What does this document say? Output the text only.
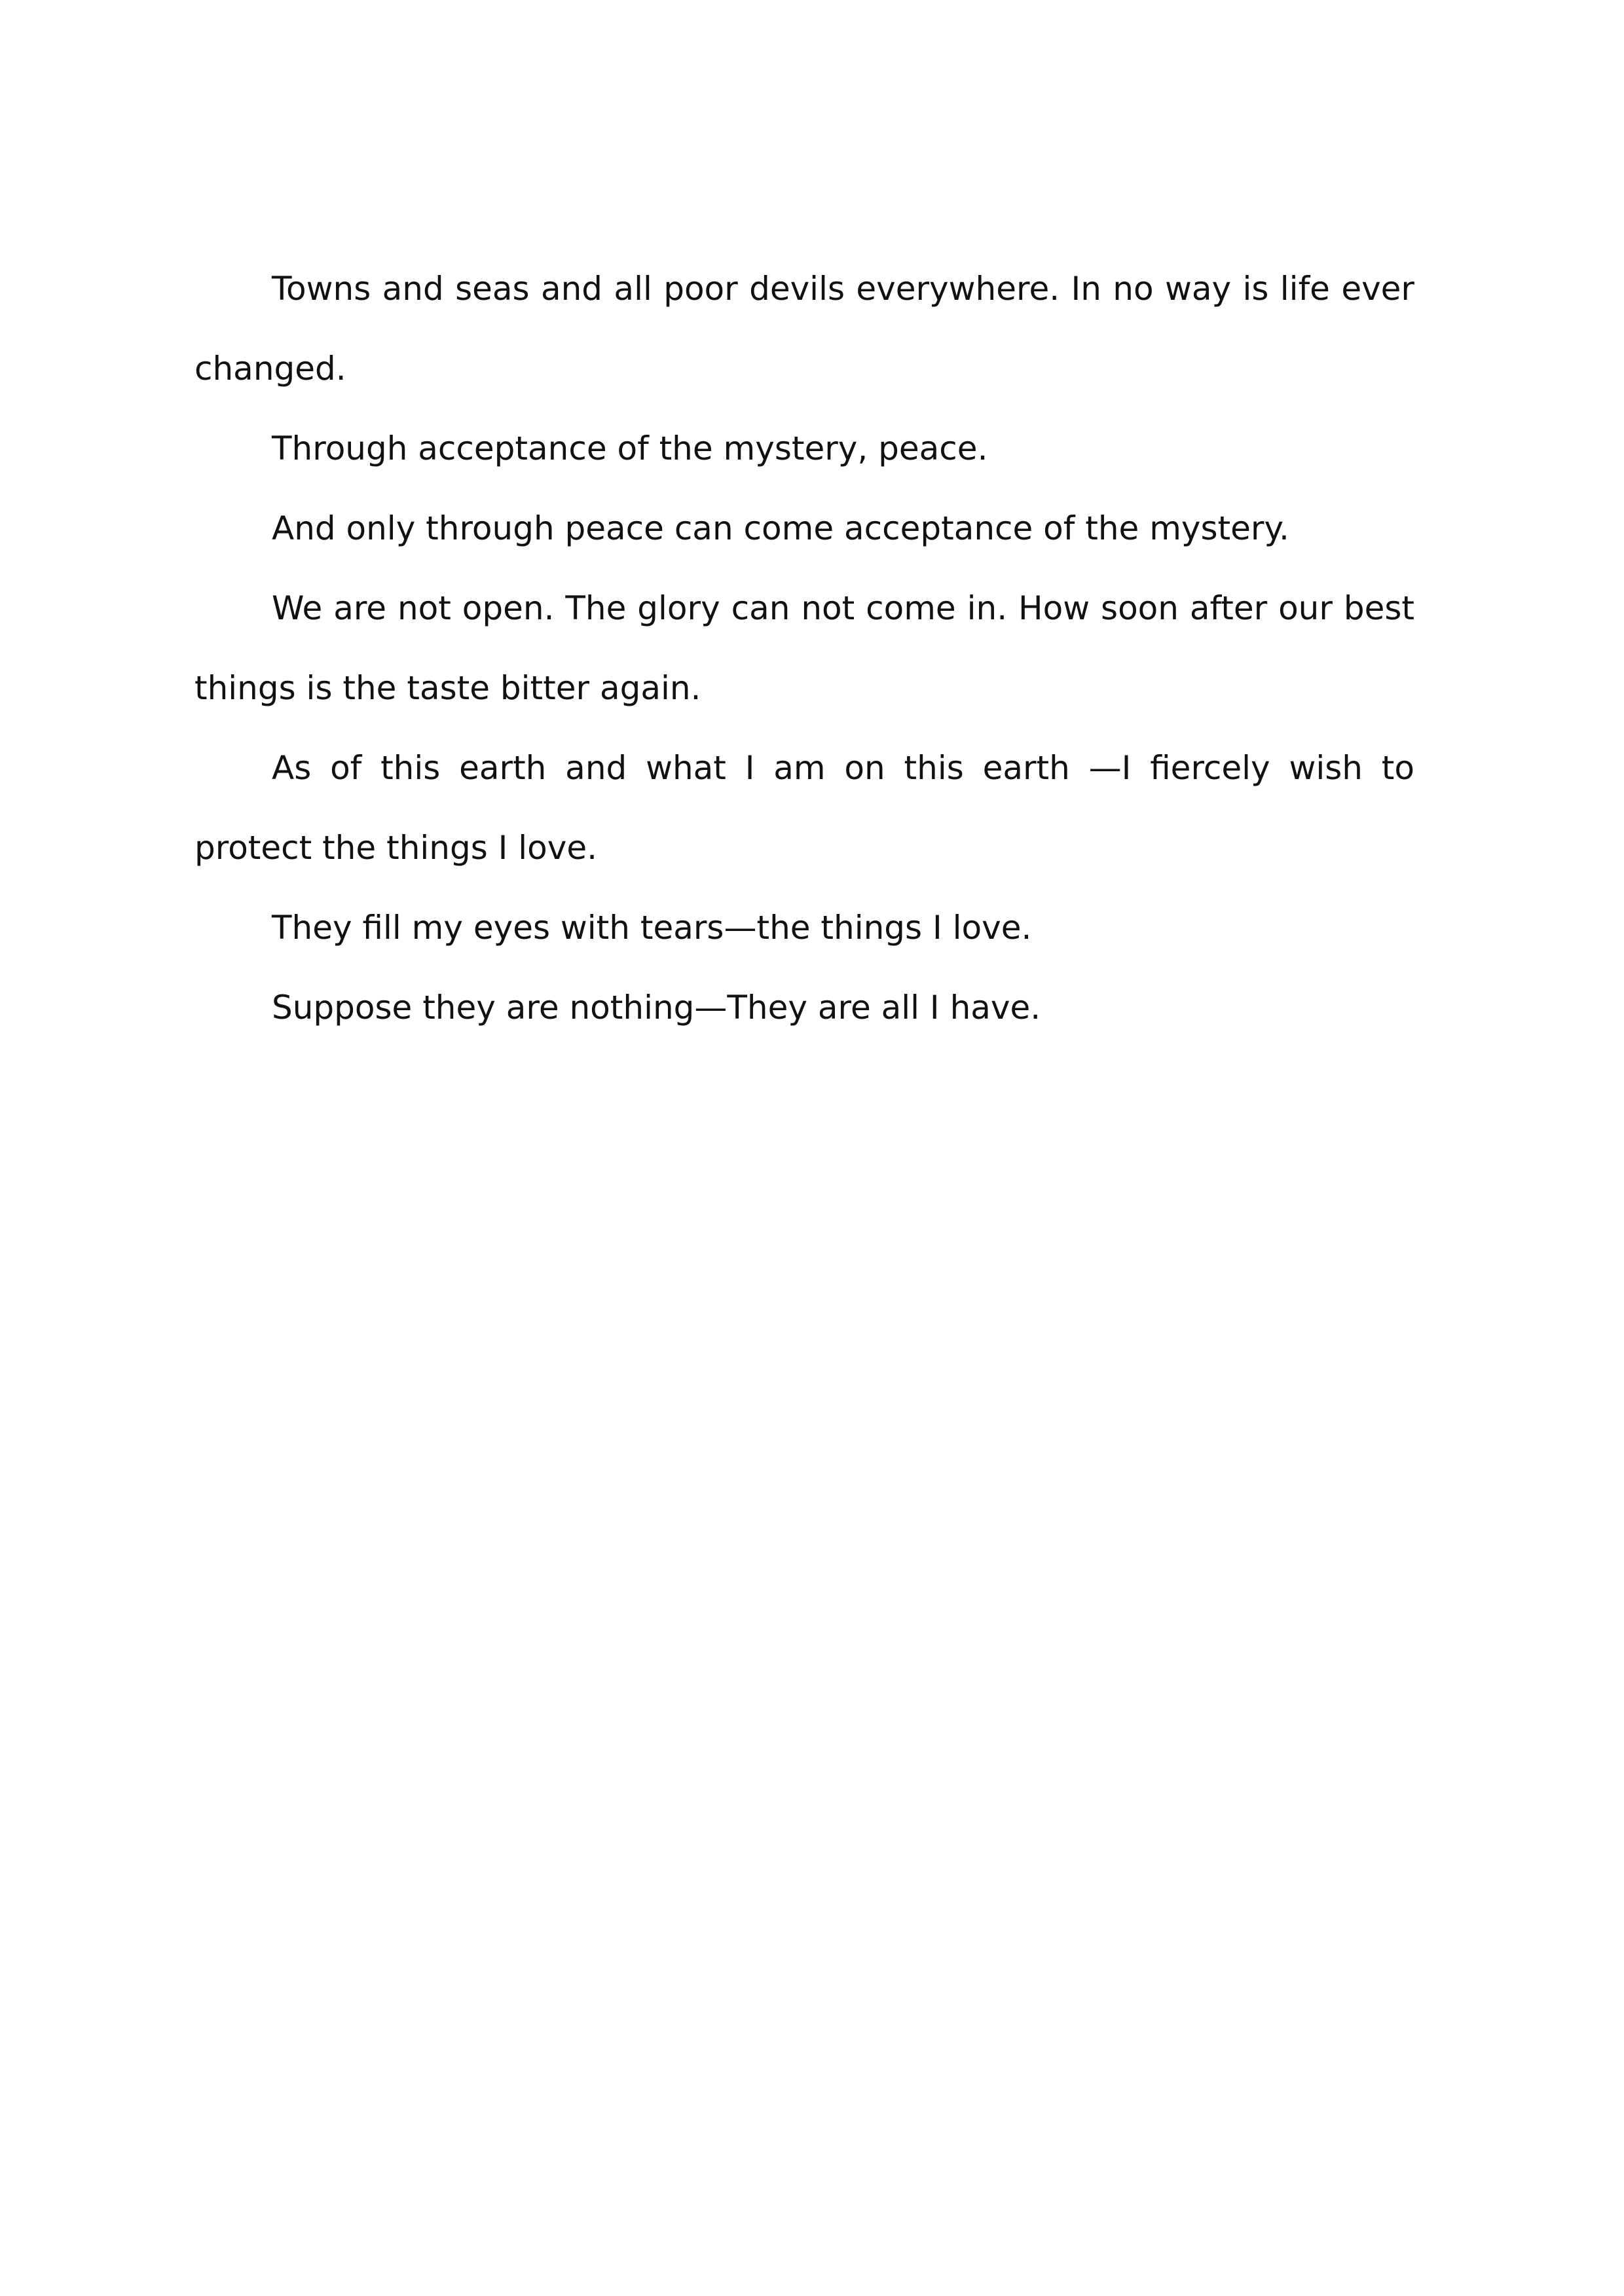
Towns and seas and all poor devils everywhere. In no way is life ever changed.

Through acceptance of the mystery, peace.

And only through peace can come acceptance of the mystery.

We are not open. The glory can not come in. How soon after our best things is the taste bitter again.

As of this earth and what I am on this earth —I fiercely wish to protect the things I love.

They fill my eyes with tears—the things I love.

Suppose they are nothing—They are all I have.
